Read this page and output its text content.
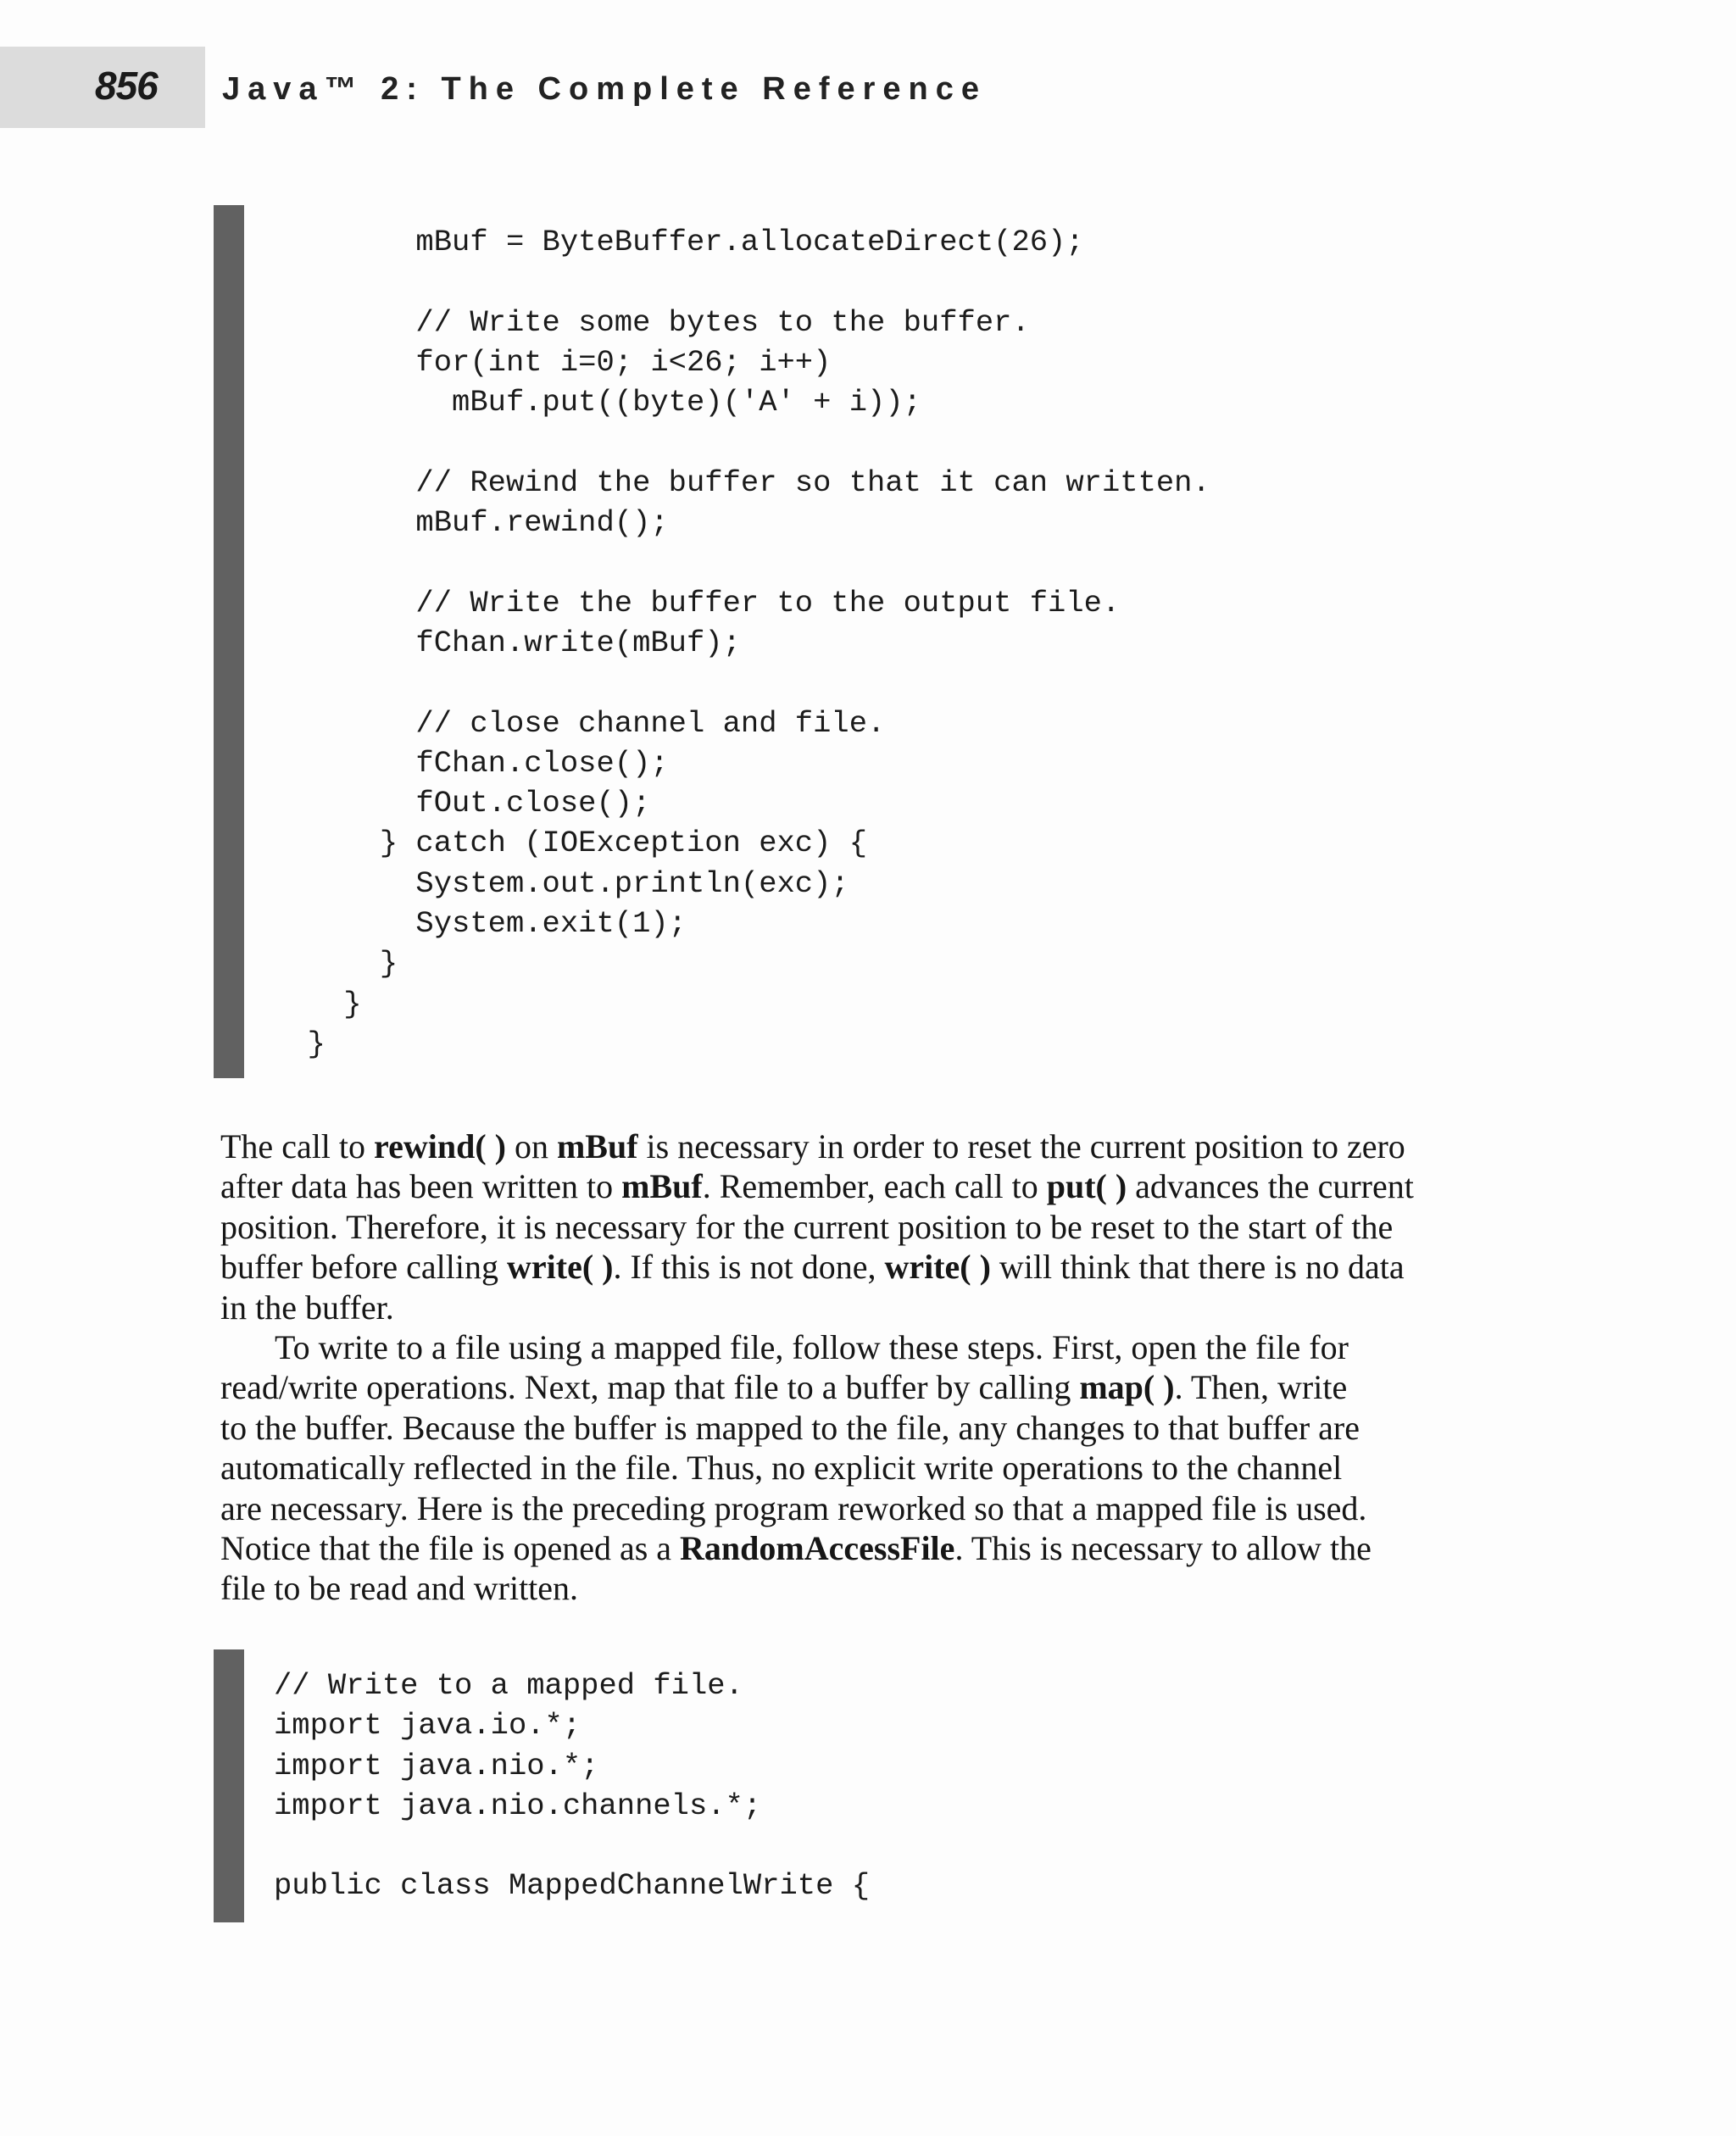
856 Java™ 2: The Complete Reference
mBuf = ByteBuffer.allocateDirect(26);
// Write some bytes to the buffer.
for(int i=0; i<26; i++)
mBuf.put((byte)('A' + i));
// Rewind the buffer so that it can written.
mBuf.rewind();
// Write the buffer to the output file.
fChan.write(mBuf);
// close channel and file.
fChan.close();
fOut.close();
} catch (IOException exc) {
System.out.println(exc);
System.exit(1);
}
}
}

The call to rewind( ) on mBuf is necessary in order to reset the current position to zero

after data has been written to mBuf. Remember, each call to put( ) advances the current

position. Therefore, it is necessary for the current position to be reset to the start of the

buffer before calling write( ). If this is not done, write( ) will think that there is no data

in the buffer.

To write to a file using a mapped file, follow these steps. First, open the file for

read/write operations. Next, map that file to a buffer by calling map( ). Then, write

to the buffer. Because the buffer is mapped to the file, any changes to that buffer are

automatically reflected in the file. Thus, no explicit write operations to the channel

are necessary. Here is the preceding program reworked so that a mapped file is used.

Notice that the file is opened as a RandomAccessFile. This is necessary to allow the

file to be read and written.

// Write to a mapped file.
import java.io.*;
import java.nio.*;
import java.nio.channels.*;
public class MappedChannelWrite {
